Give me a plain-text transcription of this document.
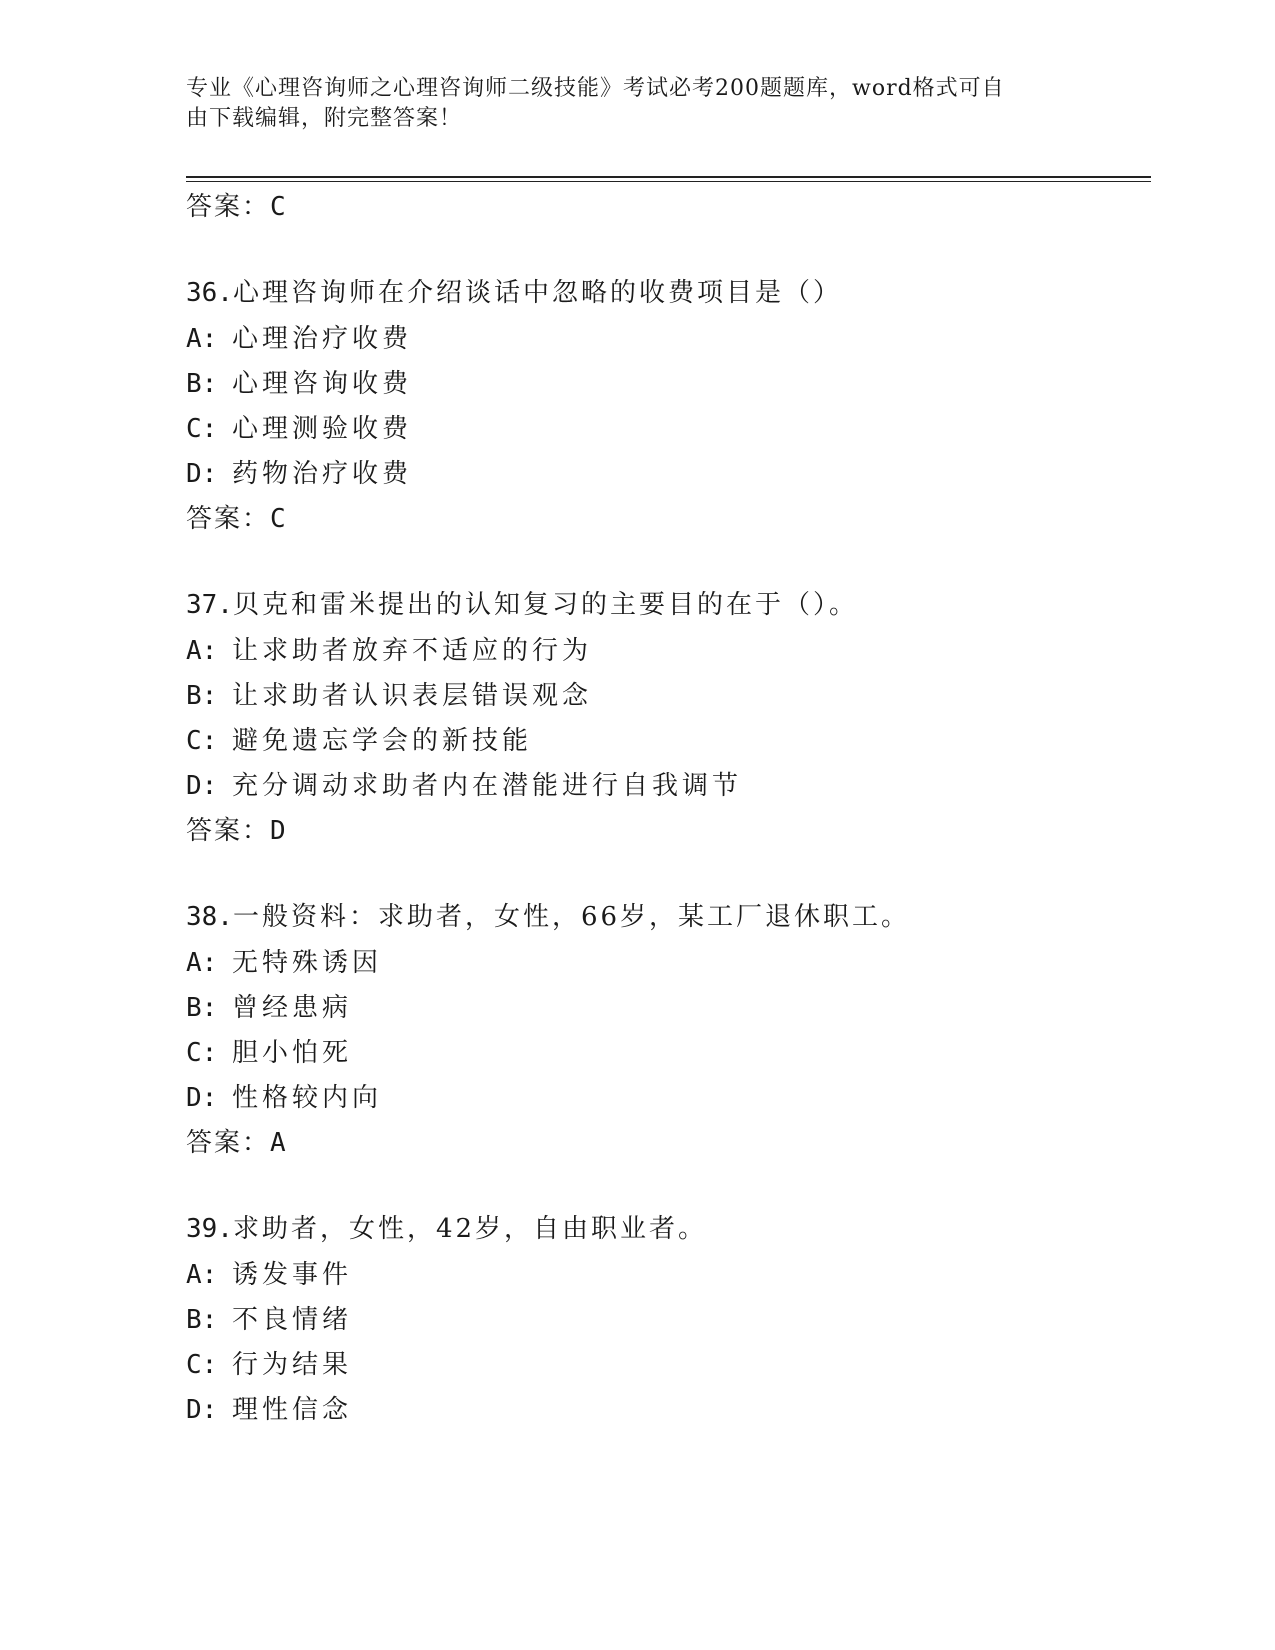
专业《心理咨询师之心理咨询师二级技能》考试必考200题题库，word格式可自
由下载编辑，附完整答案！
答案：C
36.心理咨询师在介绍谈话中忽略的收费项目是（）
A: 心理治疗收费
B: 心理咨询收费
C: 心理测验收费
D: 药物治疗收费
答案：C
37.贝克和雷米提出的认知复习的主要目的在于（）。
A: 让求助者放弃不适应的行为
B: 让求助者认识表层错误观念
C: 避免遗忘学会的新技能
D: 充分调动求助者内在潜能进行自我调节
答案：D
38.一般资料：求助者，女性，66岁，某工厂退休职工。
A: 无特殊诱因
B: 曾经患病
C: 胆小怕死
D: 性格较内向
答案：A
39.求助者，女性，42岁，自由职业者。
A: 诱发事件
B: 不良情绪
C: 行为结果
D: 理性信念
